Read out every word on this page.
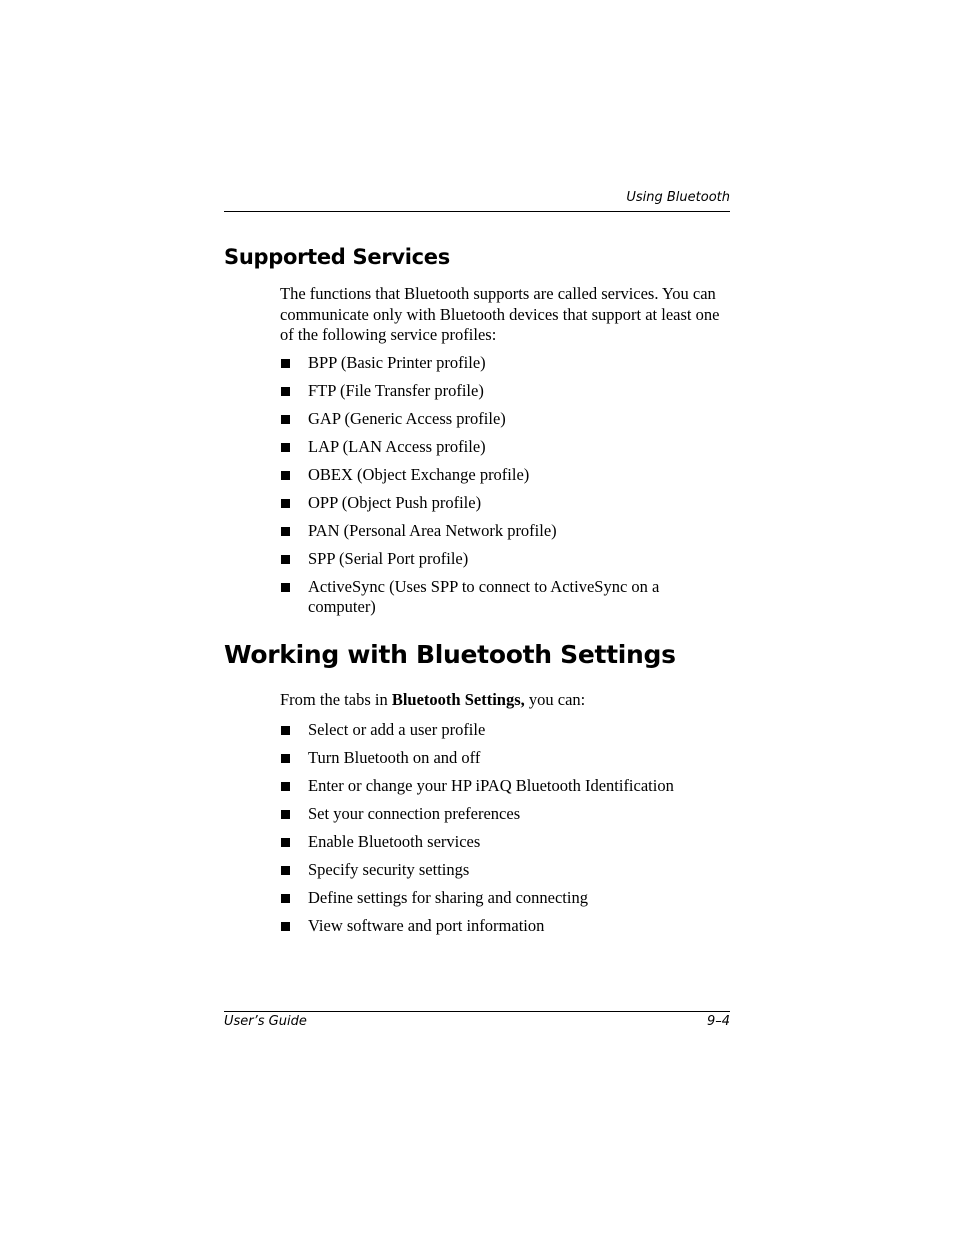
Using Bluetooth
Supported Services

The functions that Bluetooth supports are called services. You can communicate only with Bluetooth devices that support at least one of the following service profiles:

BPP (Basic Printer profile)
FTP (File Transfer profile)
GAP (Generic Access profile)
LAP (LAN Access profile)
OBEX (Object Exchange profile)
OPP (Object Push profile)
PAN (Personal Area Network profile)
SPP (Serial Port profile)
ActiveSync (Uses SPP to connect to ActiveSync on a computer)
Working with Bluetooth Settings

From the tabs in Bluetooth Settings, you can:

Select or add a user profile
Turn Bluetooth on and off
Enter or change your HP iPAQ Bluetooth Identification
Set your connection preferences
Enable Bluetooth services
Specify security settings
Define settings for sharing and connecting
View software and port information
User’s Guide	9–4
